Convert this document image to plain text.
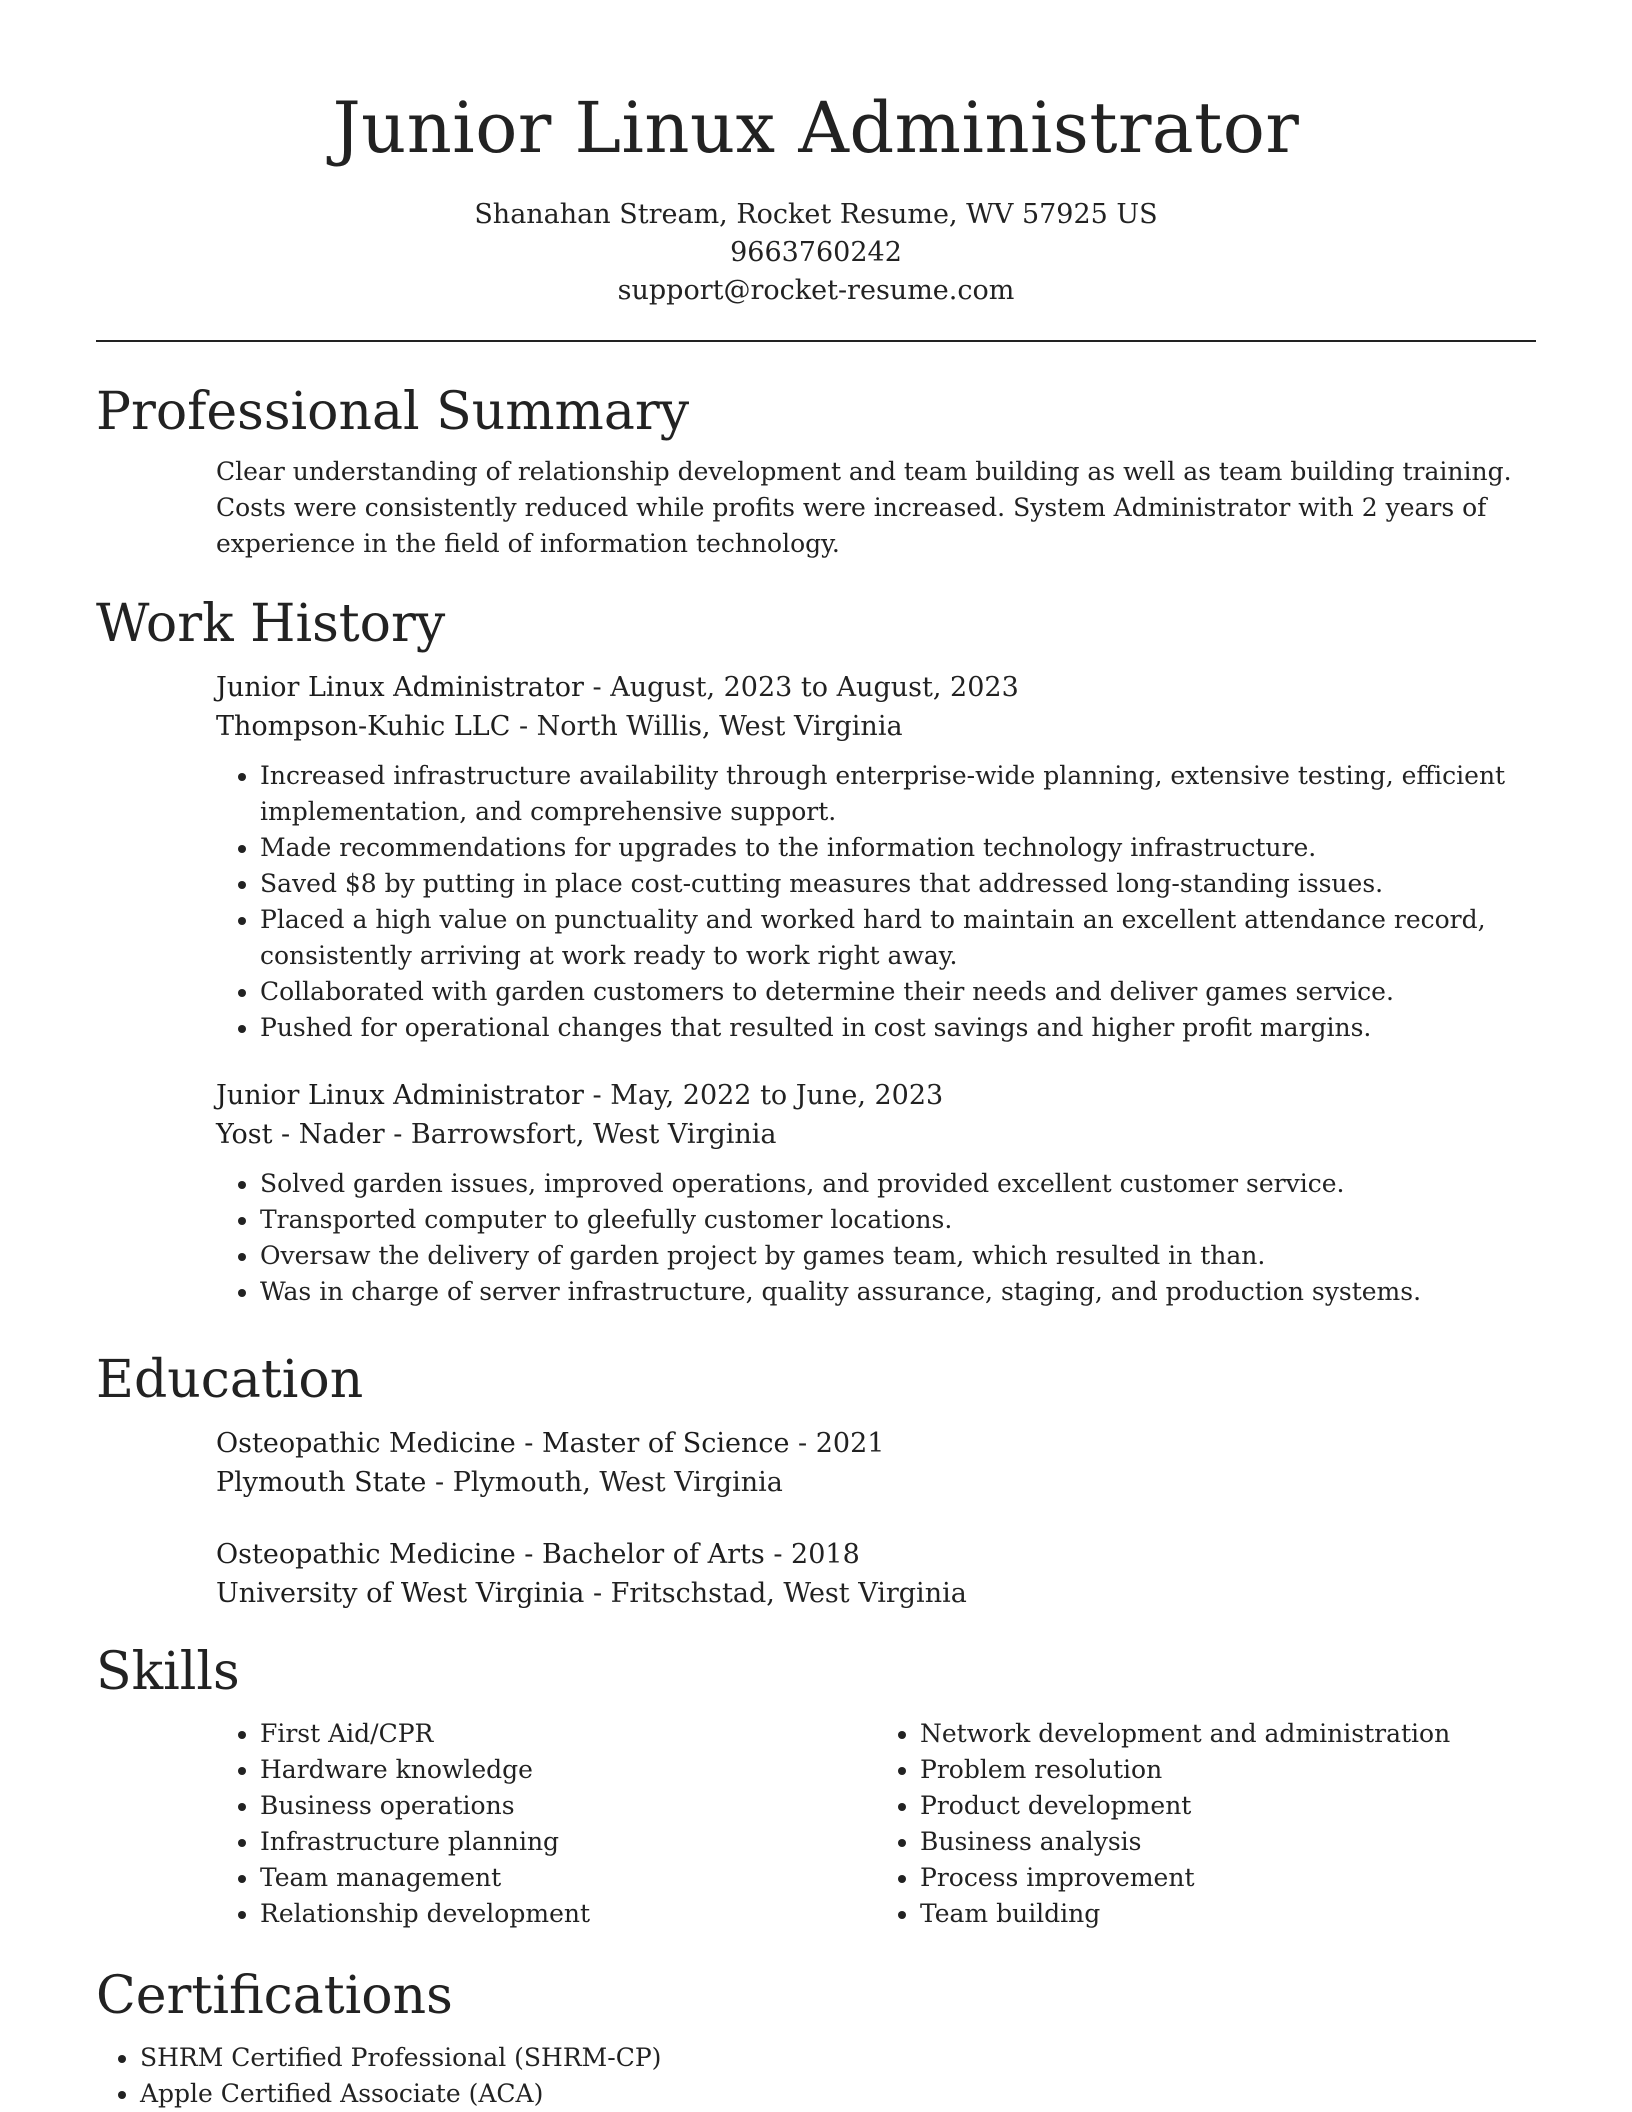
Junior Linux Administrator
Shanahan Stream, Rocket Resume, WV 57925 US
9663760242
support@rocket-resume.com
Professional Summary

Clear understanding of relationship development and team building as well as team building training. Costs were consistently reduced while profits were increased. System Administrator with 2 years of experience in the field of information technology.

Work History
Junior Linux Administrator - August, 2023 to August, 2023
Thompson-Kuhic LLC - North Willis, West Virginia
• Increased infrastructure availability through enterprise-wide planning, extensive testing, efficient implementation, and comprehensive support.
• Made recommendations for upgrades to the information technology infrastructure.
• Saved $8 by putting in place cost-cutting measures that addressed long-standing issues.
• Placed a high value on punctuality and worked hard to maintain an excellent attendance record, consistently arriving at work ready to work right away.
• Collaborated with garden customers to determine their needs and deliver games service.
• Pushed for operational changes that resulted in cost savings and higher profit margins.
Junior Linux Administrator - May, 2022 to June, 2023
Yost - Nader - Barrowsfort, West Virginia
• Solved garden issues, improved operations, and provided excellent customer service.
• Transported computer to gleefully customer locations.
• Oversaw the delivery of garden project by games team, which resulted in than.
• Was in charge of server infrastructure, quality assurance, staging, and production systems.
Education
Osteopathic Medicine - Master of Science - 2021
Plymouth State - Plymouth, West Virginia
Osteopathic Medicine - Bachelor of Arts - 2018
University of West Virginia - Fritschstad, West Virginia
Skills
• First Aid/CPR
• Hardware knowledge
• Business operations
• Infrastructure planning
• Team management
• Relationship development
• Network development and administration
• Problem resolution
• Product development
• Business analysis
• Process improvement
• Team building
Certifications
• SHRM Certified Professional (SHRM-CP)
• Apple Certified Associate (ACA)
